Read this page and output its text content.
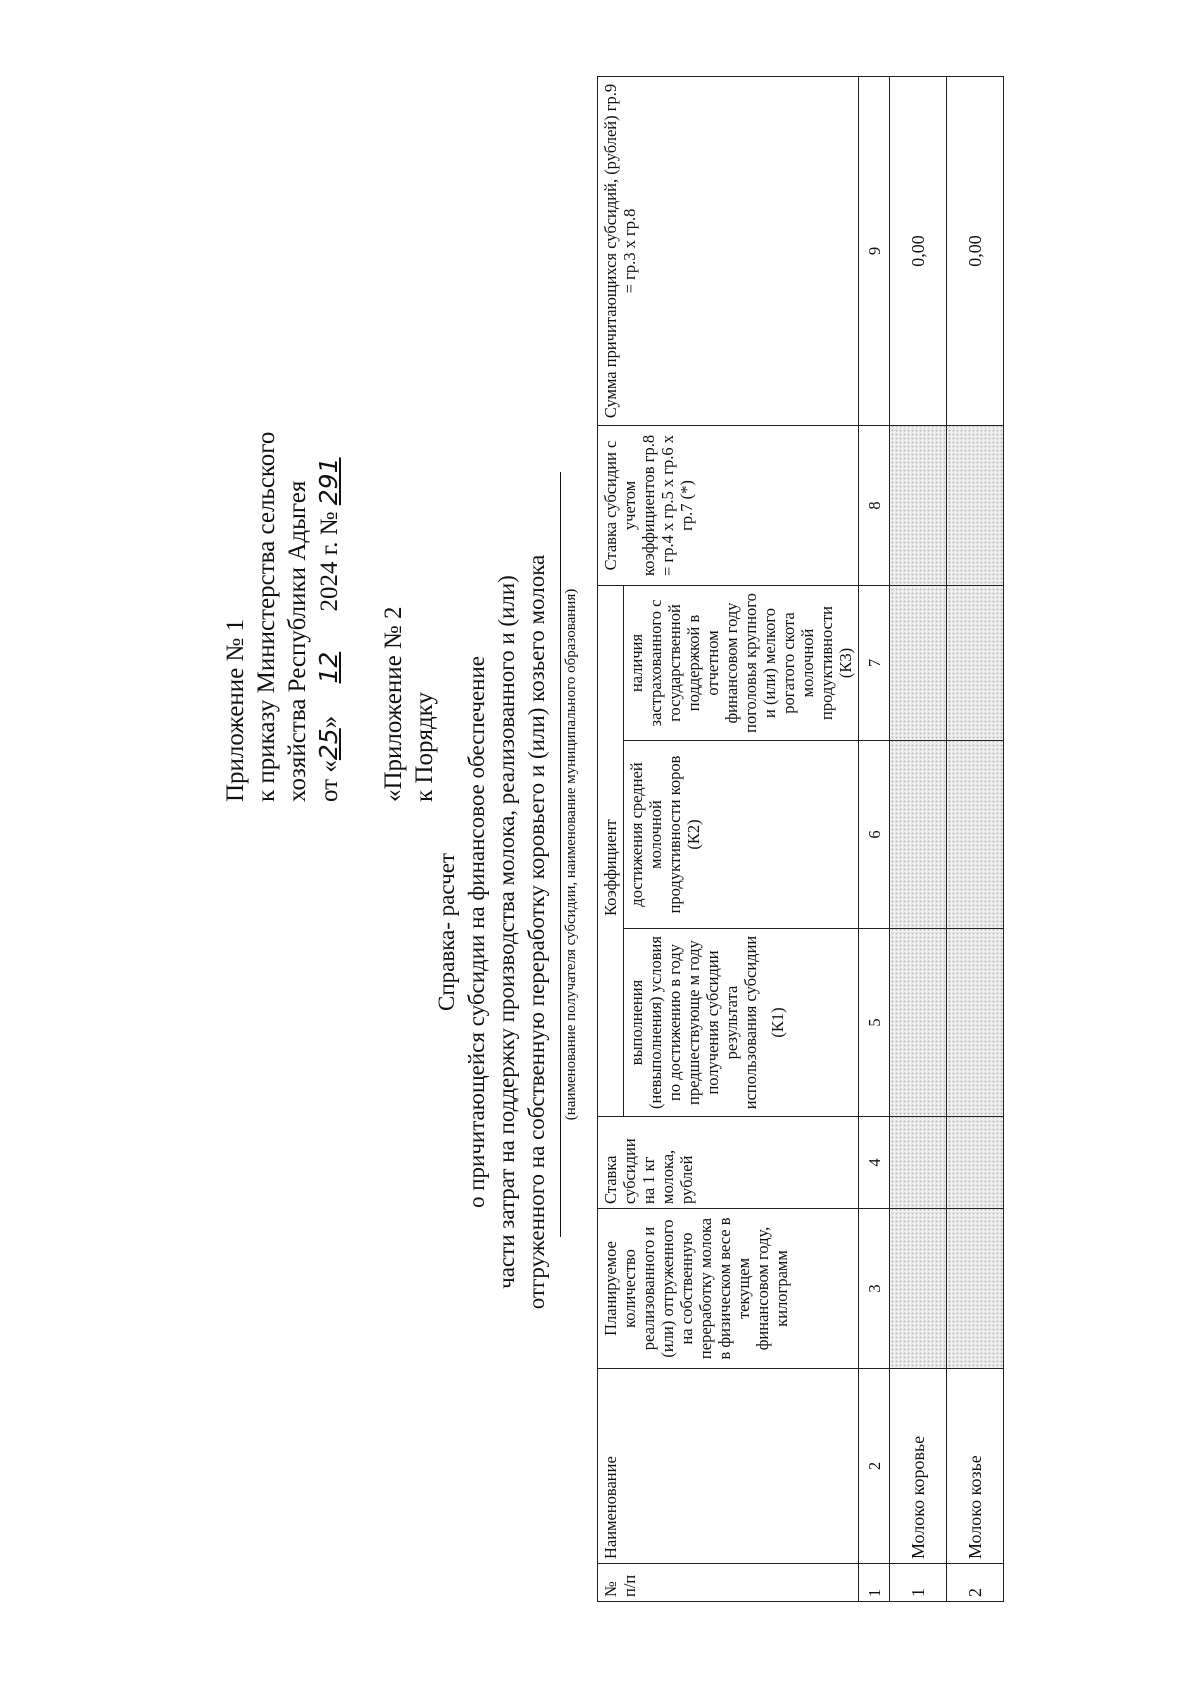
Приложение № 1 к приказу Министерства сельского хозяйства Республики Адыгея от «25» 12 2024 г. № 291
«Приложение № 2 к Порядку
Справка- расчет о причитающейся субсидии на финансовое обеспечение части затрат на поддержку производства молока, реализованного и (или) отгруженного на собственную переработку коровьего и (или) козьего молока (наименование получателя субсидии, наименование муниципального образования)
№ п/п	Наименование	Планируемое количество реализованного и (или) отгруженного на собственную переработку молока в физическом весе в текущем финансовом году, килограмм	Ставка субсидии на 1 кг молока, рублей	Коэффициент			Ставка субсидии с учетом коэффициентов гр.8 = гр.4 х гр.5 х гр.6 х гр.7 (*)	Сумма причитающихся субсидий, (рублей) гр.9 = гр.3 х гр.8

				выполнения (невыполнения) условия по достижению в году предшествующе м году получения субсидии результата использования субсидии (К1)	достижения средней молочной продуктивности коров (К2)	наличия застрахованного с государственной поддержкой в отчетном финансовом году поголовья крупного и (или) мелкого рогатого скота молочной продуктивности (К3)		
1	2	3	4	5	6	7	8	9
1	Молоко коровье							0,00
2	Молоко козье							0,00
